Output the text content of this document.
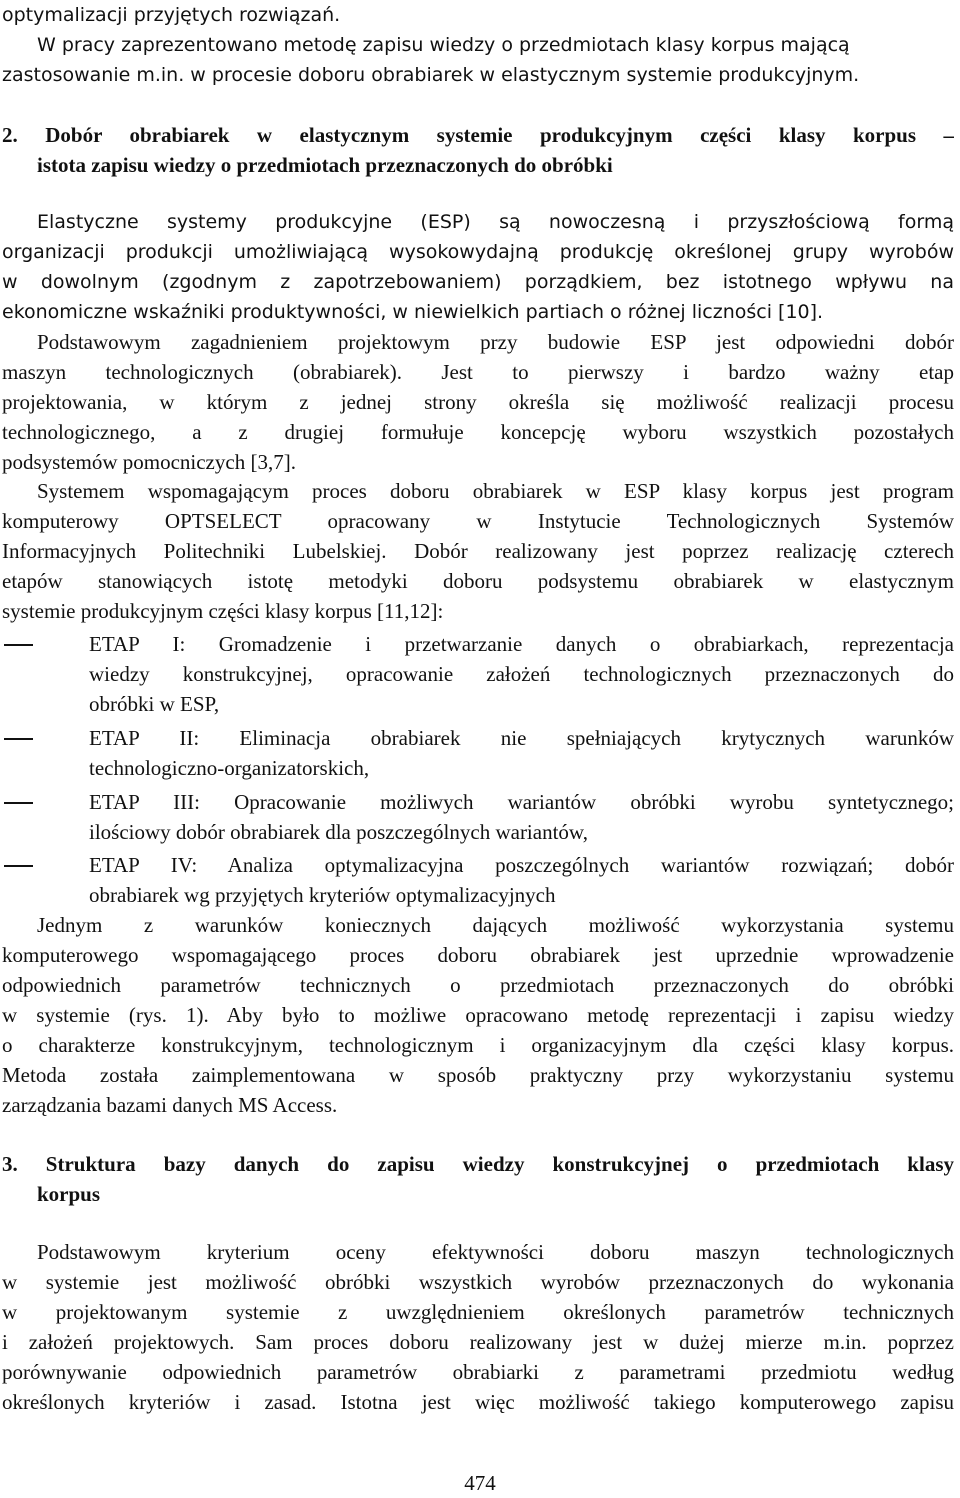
optymalizacji przyjętych rozwiązań.
W pracy zaprezentowano metodę zapisu wiedzy o przedmiotach klasy korpus mającą
zastosowanie m.in. w procesie doboru obrabiarek w elastycznym systemie produkcyjnym.
2. Dobór obrabiarek w elastycznym systemie produkcyjnym części klasy korpus –
istota zapisu wiedzy o przedmiotach przeznaczonych do obróbki
Elastyczne systemy produkcyjne (ESP) są nowoczesną i przyszłościową formą
organizacji produkcji umożliwiającą wysokowydajną produkcję określonej grupy wyrobów
w dowolnym (zgodnym z zapotrzebowaniem) porządkiem, bez istotnego wpływu na
ekonomiczne wskaźniki produktywności, w niewielkich partiach o różnej liczności [10].
Podstawowym zagadnieniem projektowym przy budowie ESP jest odpowiedni dobór
maszyn technologicznych (obrabiarek). Jest to pierwszy i bardzo ważny etap
projektowania, w którym z jednej strony określa się możliwość realizacji procesu
technologicznego, a z drugiej formułuje koncepcję wyboru wszystkich pozostałych
podsystemów pomocniczych [3,7].
Systemem wspomagającym proces doboru obrabiarek w ESP klasy korpus jest program
komputerowy OPTSELECT opracowany w Instytucie Technologicznych Systemów
Informacyjnych Politechniki Lubelskiej. Dobór realizowany jest poprzez realizację czterech
etapów stanowiących istotę metodyki doboru podsystemu obrabiarek w elastycznym
systemie produkcyjnym części klasy korpus [11,12]:
ETAP I: Gromadzenie i przetwarzanie danych o obrabiarkach, reprezentacja
wiedzy konstrukcyjnej, opracowanie założeń technologicznych przeznaczonych do
obróbki w ESP,
ETAP II: Eliminacja obrabiarek nie spełniających krytycznych warunków
technologiczno-organizatorskich,
ETAP III: Opracowanie możliwych wariantów obróbki wyrobu syntetycznego;
ilościowy dobór obrabiarek dla poszczególnych wariantów,
ETAP IV: Analiza optymalizacyjna poszczególnych wariantów rozwiązań; dobór
obrabiarek wg przyjętych kryteriów optymalizacyjnych
Jednym z warunków koniecznych dających możliwość wykorzystania systemu
komputerowego wspomagającego proces doboru obrabiarek jest uprzednie wprowadzenie
odpowiednich parametrów technicznych o przedmiotach przeznaczonych do obróbki
w systemie (rys. 1). Aby było to możliwe opracowano metodę reprezentacji i zapisu wiedzy
o charakterze konstrukcyjnym, technologicznym i organizacyjnym dla części klasy korpus.
Metoda została zaimplementowana w sposób praktyczny przy wykorzystaniu systemu
zarządzania bazami danych MS Access.
3. Struktura bazy danych do zapisu wiedzy konstrukcyjnej o przedmiotach klasy
korpus
Podstawowym kryterium oceny efektywności doboru maszyn technologicznych
w systemie jest możliwość obróbki wszystkich wyrobów przeznaczonych do wykonania
w projektowanym systemie z uwzględnieniem określonych parametrów technicznych
i założeń projektowych. Sam proces doboru realizowany jest w dużej mierze m.in. poprzez
porównywanie odpowiednich parametrów obrabiarki z parametrami przedmiotu według
określonych kryteriów i zasad. Istotna jest więc możliwość takiego komputerowego zapisu
474
